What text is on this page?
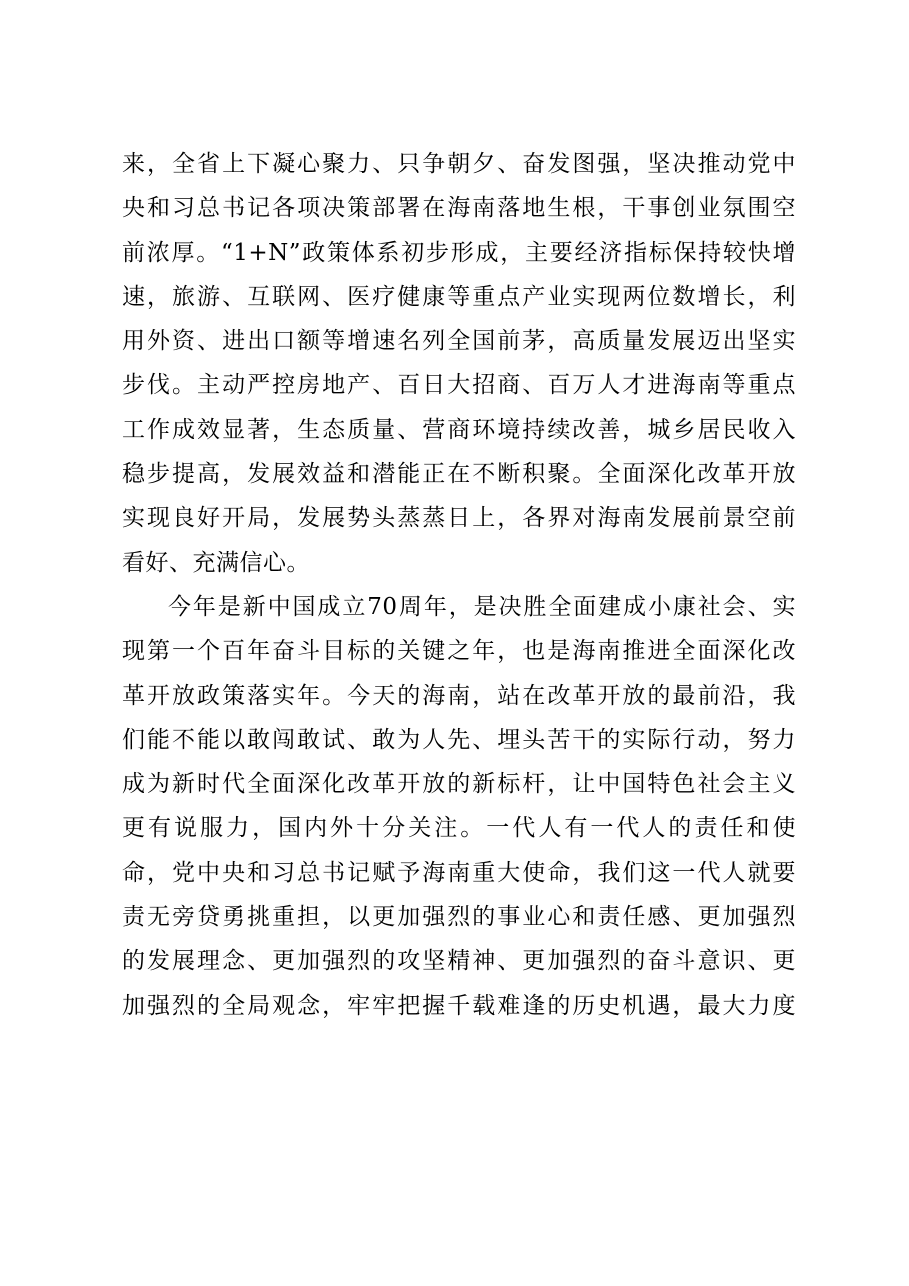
来，全省上下凝心聚力、只争朝夕、奋发图强，坚决推动党中
央和习总书记各项决策部署在海南落地生根，干事创业氛围空
前浓厚。“1+N”政策体系初步形成，主要经济指标保持较快增
速，旅游、互联网、医疗健康等重点产业实现两位数增长，利
用外资、进出口额等增速名列全国前茅，高质量发展迈出坚实
步伐。主动严控房地产、百日大招商、百万人才进海南等重点
工作成效显著，生态质量、营商环境持续改善，城乡居民收入
稳步提高，发展效益和潜能正在不断积聚。全面深化改革开放
实现良好开局，发展势头蒸蒸日上，各界对海南发展前景空前
看好、充满信心。

今年是新中国成立70周年，是决胜全面建成小康社会、实
现第一个百年奋斗目标的关键之年，也是海南推进全面深化改
革开放政策落实年。今天的海南，站在改革开放的最前沿，我
们能不能以敢闯敢试、敢为人先、埋头苦干的实际行动，努力
成为新时代全面深化改革开放的新标杆，让中国特色社会主义
更有说服力，国内外十分关注。一代人有一代人的责任和使
命，党中央和习总书记赋予海南重大使命，我们这一代人就要
责无旁贷勇挑重担，以更加强烈的事业心和责任感、更加强烈
的发展理念、更加强烈的攻坚精神、更加强烈的奋斗意识、更
加强烈的全局观念，牢牢把握千载难逢的历史机遇，最大力度
